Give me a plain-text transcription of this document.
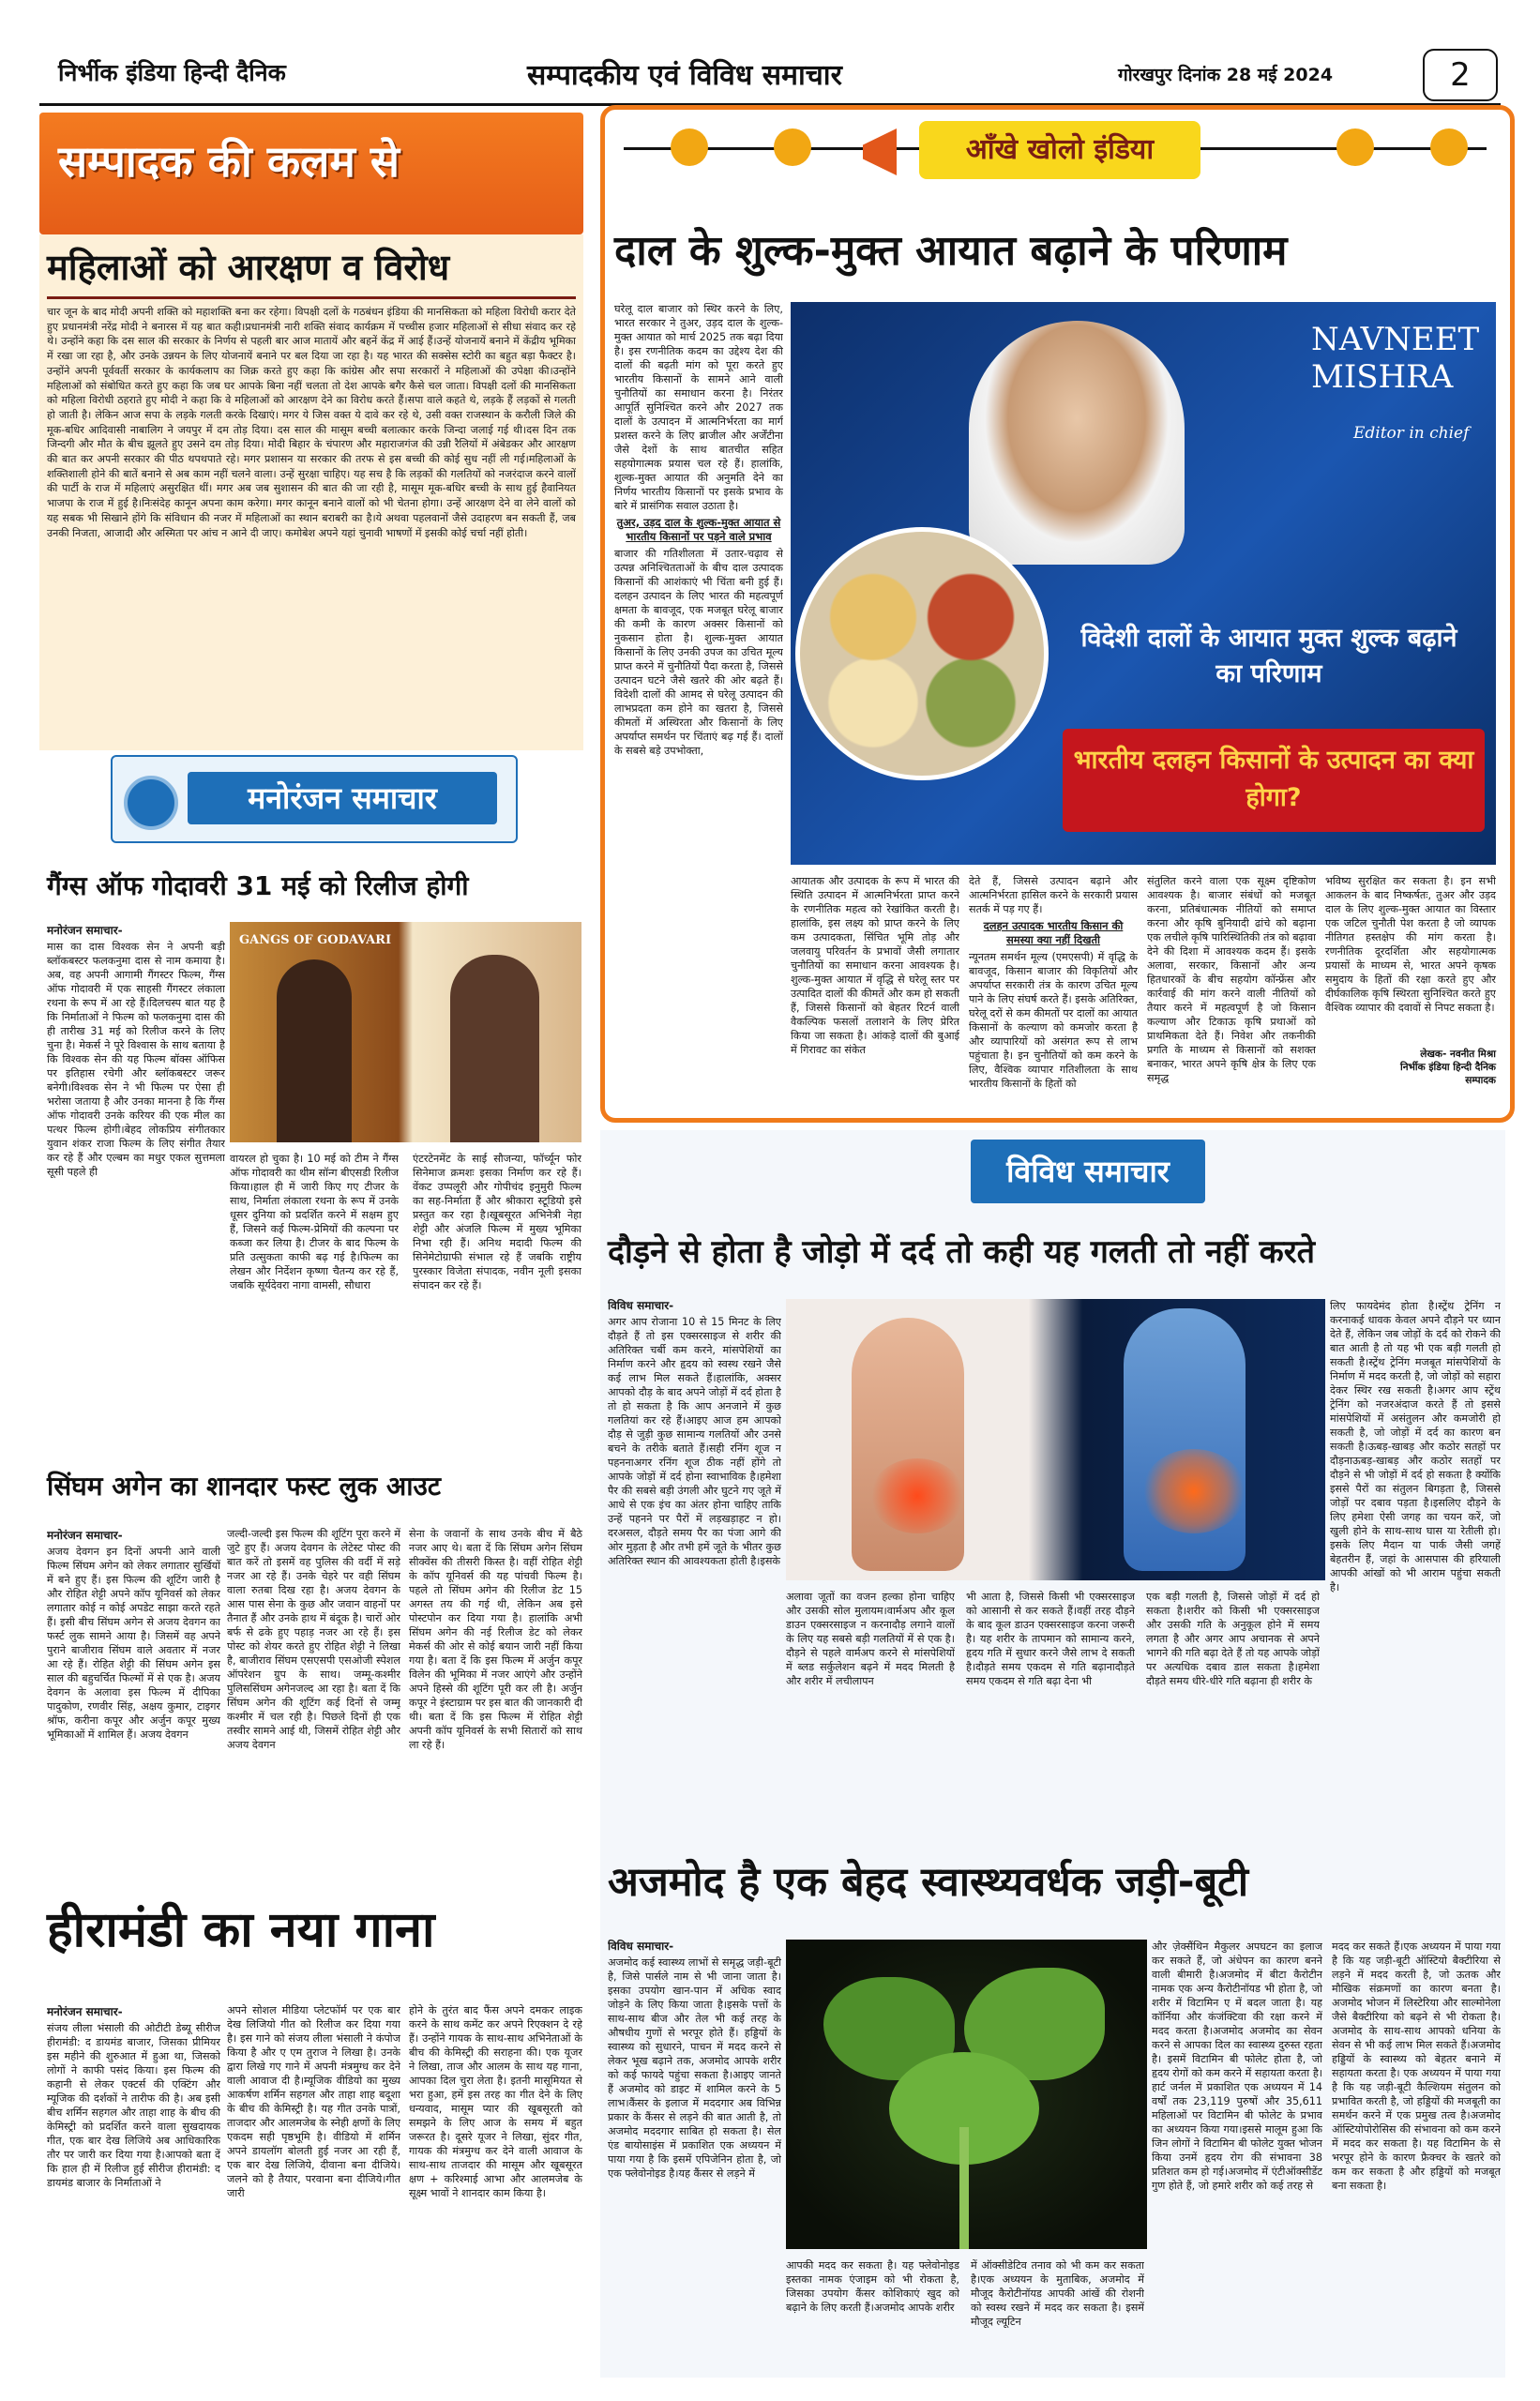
निर्भीक इंडिया हिन्दी दैनिक	सम्पादकीय एवं विविध समाचार	गोरखपुर दिनांक 28 मई 2024	2
सम्पादक की कलम से
महिलाओं को आरक्षण व विरोध
चार जून के बाद मोदी अपनी शक्ति को महाशक्ति बना कर रहेगा। विपक्षी दलों के गठबंधन इंडिया की मानसिकता को महिला विरोधी करार देते हुए प्रधानमंत्री नरेंद्र मोदी ने बनारस में यह बात कही।प्रधानमंत्री नारी शक्ति संवाद कार्यक्रम में पच्चीस हजार महिलाओं से सीधा संवाद कर रहे थे। उन्होंने कहा कि दस साल की सरकार के निर्णय से पहली बार आज मातायें और बहनें केंद्र में आई हैं।उन्हें योजनायें बनाने में केंद्रीय भूमिका में रखा जा रहा है, और उनके उन्नयन के लिए योजनायें बनाने पर बल दिया जा रहा है। यह भारत की सक्सेस स्टोरी का बहुत बड़ा फैक्टर है। उन्होंने अपनी पूर्ववर्ती सरकार के कार्यकलाप का जिक्र करते हुए कहा कि कांग्रेस और सपा सरकारों ने महिलाओं की उपेक्षा की।उन्होंने महिलाओं को संबोधित करते हुए कहा कि जब घर आपके बिना नहीं चलता तो देश आपके बगैर कैसे चल जाता। विपक्षी दलों की मानसिकता को महिला विरोधी ठहराते हुए मोदी ने कहा कि वे महिलाओं को आरक्षण देने का विरोध करते हैं।सपा वाले कहते थे, लड़के हैं लड़कों से गलती हो जाती है। लेकिन आज सपा के लड़के गलती करके दिखाएं। मगर ये जिस वक्त ये दावे कर रहे थे, उसी वक्त राजस्थान के करौली जिले की मूक-बधिर आदिवासी नाबालिग ने जयपुर में दम तोड़ दिया। दस साल की मासूम बच्ची बलात्कार करके जिन्दा जलाई गई थी।दस दिन तक जिन्दगी और मौत के बीच झूलते हुए उसने दम तोड़ दिया। मोदी बिहार के चंपारण और महाराजगंज की उन्नी रैलियों में अंबेडकर और आरक्षण की बात कर अपनी सरकार की पीठ थपथपाते रहे। मगर प्रशासन या सरकार की तरफ से इस बच्ची की कोई सुध नहीं ली गई।महिलाओं के शक्तिशाली होने की बातें बनाने से अब काम नहीं चलने वाला। उन्हें सुरक्षा चाहिए। यह सच है कि लड़कों की गलतियों को नजरंदाज करने वालों की पार्टी के राज में महिलाएं असुरक्षित थीं। मगर अब जब सुशासन की बात की जा रही है, मासूम मूक-बधिर बच्ची के साथ हुई हैवानियत भाजपा के राज में हुई है।निःसंदेह कानून अपना काम करेगा। मगर कानून बनाने वालों को भी चेतना होगा। उन्हें आरक्षण देने वा लेने वालों को यह सबक भी सिखाने होंगे कि संविधान की नजर में महिलाओं का स्थान बराबरी का है।ये अथवा पहलवानों जैसे उदाहरण बन सकती हैं, जब उनकी निजता, आजादी और अस्मिता पर आंच न आने दी जाए। कमोबेश अपने यहां चुनावी भाषणों में इसकी कोई चर्चा नहीं होती।
मनोरंजन समाचार
गैंग्स ऑफ गोदावरी 31 मई को रिलीज होगी
मनोरंजन समाचार-
मास का दास विश्वक सेन ने अपनी बड़ी ब्लॉकबस्टर फलकनुमा दास से नाम कमाया है। अब, वह अपनी आगामी गैंगस्टर फिल्म, गैंग्स ऑफ गोदावरी में एक साहसी गैंगस्टर लंकाला रथना के रूप में आ रहे हैं।दिलचस्प बात यह है कि निर्माताओं ने फिल्म को फलकनुमा दास की ही तारीख 31 मई को रिलीज करने के लिए चुना है। मेकर्स ने पूरे विश्वास के साथ बताया है कि विश्वक सेन की यह फिल्म बॉक्स ऑफिस पर इतिहास रचेगी और ब्लॉकबस्टर जरूर बनेगी।विश्वक सेन ने भी फिल्म पर ऐसा ही भरोसा जताया है और उनका मानना है कि गैंग्स ऑफ गोदावरी उनके करियर की एक मील का पत्थर फिल्म होगी।बेहद लोकप्रिय संगीतकार युवान शंकर राजा फिल्म के लिए संगीत तैयार कर रहे हैं और एल्बम का मधुर एकल सुत्तमला सूसी पहले ही
GANGS OF GODAVARI
वायरल हो चुका है। 10 मई को टीम ने गैंग्स ऑफ गोदावरी का थीम सॉन्ग बीएसडी रिलीज किया।हाल ही में जारी किए गए टीजर के साथ, निर्माता लंकाला रथना के रूप में उनके धूसर दुनिया को प्रदर्शित करने में सक्षम हुए हैं, जिसने कई फिल्म-प्रेमियों की कल्पना पर कब्जा कर लिया है। टीजर के बाद फिल्म के प्रति उत्सुकता काफी बढ़ गई है।फिल्म का लेखन और निर्देशन कृष्णा चैतन्य कर रहे हैं, जबकि सूर्यदेवरा नागा वामसी, सौधारा
एंटरटेनमेंट के साई सौजन्या, फॉर्च्यून फोर सिनेमाज क्रमशः इसका निर्माण कर रहे हैं। वेंकट उप्पलूरी और गोपीचंद इनुमुरी फिल्म का सह-निर्माता हैं और श्रीकारा स्टूडियो इसे प्रस्तुत कर रहा है।खूबसूरत अभिनेत्री नेहा शेट्टी और अंजलि फिल्म में मुख्य भूमिका निभा रही हैं। अनिथ मदादी फिल्म की सिनेमेटोग्राफी संभाल रहे हैं जबकि राष्ट्रीय पुरस्कार विजेता संपादक, नवीन नूली इसका संपादन कर रहे हैं।
सिंघम अगेन का शानदार फस्ट लुक आउट
मनोरंजन समाचार-
अजय देवगन इन दिनों अपनी आने वाली फिल्म सिंघम अगेन को लेकर लगातार सुर्खियों में बने हुए हैं। इस फिल्म की शूटिंग जारी है और रोहित शेट्टी अपने कॉप यूनिवर्स को लेकर लगातार कोई न कोई अपडेट साझा करते रहते हैं। इसी बीच सिंघम अगेन से अजय देवगन का फर्स्ट लुक सामने आया है। जिसमें वह अपने पुराने बाजीराव सिंघम वाले अवतार में नजर आ रहे हैं। रोहित शेट्टी की सिंघम अगेन इस साल की बहुचर्चित फिल्मों में से एक है। अजय देवगन के अलावा इस फिल्म में दीपिका पादुकोण, रणवीर सिंह, अक्षय कुमार, टाइगर श्रॉफ, करीना कपूर और अर्जुन कपूर मुख्य भूमिकाओं में शामिल हैं। अजय देवगन
जल्दी-जल्दी इस फिल्म की शूटिंग पूरा करने में जुटे हुए हैं। अजय देवगन के लेटेस्ट पोस्ट की बात करें तो इसमें वह पुलिस की वर्दी में सड़े नजर आ रहे हैं। उनके चेहरे पर वही सिंघम वाला रुतबा दिख रहा है। अजय देवगन के आस पास सेना के कुछ और जवान वाहनों पर तैनात हैं और उनके हाथ में बंदूक है। चारों ओर बर्फ से ढके हुए पहाड़ नजर आ रहे हैं। इस पोस्ट को शेयर करते हुए रोहित शेट्टी ने लिखा है, बाजीराव सिंघम एसएसपी एसओजी स्पेशल ऑपरेशन ग्रुप के साथ। जम्मू-कश्मीर पुलिससिंघम अगेनजल्द आ रहा है। बता दें कि सिंघम अगेन की शूटिंग कई दिनों से जम्मू कश्मीर में चल रही है। पिछले दिनों ही एक तस्वीर सामने आई थी, जिसमें रोहित शेट्टी और अजय देवगन
सेना के जवानों के साथ उनके बीच में बैठे नजर आए थे। बता दें कि सिंघम अगेन सिंघम सीक्वेंस की तीसरी किस्त है। वहीं रोहित शेट्टी के कॉप यूनिवर्स की यह पांचवी फिल्म है। पहले तो सिंघम अगेन की रिलीज डेट 15 अगस्त तय की गई थी, लेकिन अब इसे पोस्टपोन कर दिया गया है। हालांकि अभी सिंघम अगेन की नई रिलीज डेट को लेकर मेकर्स की ओर से कोई बयान जारी नहीं किया गया है। बता दें कि इस फिल्म में अर्जुन कपूर विलेन की भूमिका में नजर आएंगे और उन्होंने अपने हिस्से की शूटिंग पूरी कर ली है। अर्जुन कपूर ने इंस्टाग्राम पर इस बात की जानकारी दी थी। बता दें कि इस फिल्म में रोहित शेट्टी अपनी कॉप यूनिवर्स के सभी सितारों को साथ ला रहे हैं।
हीरामंडी का नया गाना
मनोरंजन समाचार-
संजय लीला भंसाली की ओटीटी डेब्यू सीरीज हीरामंडी: द डायमंड बाजार, जिसका प्रीमियर इस महीने की शुरुआत में हुआ था, जिसको लोगों ने काफी पसंद किया। इस फिल्म की कहानी से लेकर एक्टर्स की एक्टिंग और म्यूजिक की दर्शकों ने तारीफ की है। अब इसी बीच शर्मिन सहगल और ताहा शाह के बीच की केमिस्ट्री को प्रदर्शित करने वाला सुखदायक गीत, एक बार देख लिजिये अब आधिकारिक तौर पर जारी कर दिया गया है।आपको बता दें कि हाल ही में रिलीज हुई सीरीज हीरामंडी: द डायमंड बाजार के निर्माताओं ने
अपने सोशल मीडिया प्लेटफॉर्म पर एक बार देख लिजियो गीत को रिलीज कर दिया गया है। इस गाने को संजय लीला भंसाली ने कंपोज किया है और ए एम तुराज ने लिखा है। उनके द्वारा लिखे गए गाने में अपनी मंत्रमुग्ध कर देने वाली आवाज दी है।म्यूजिक वीडियो का मुख्य आकर्षण शर्मिन सहगल और ताहा शाह बदूशा के बीच की केमिस्ट्री है। यह गीत उनके पात्रों, ताजदार और आलमजेब के स्नेही क्षणों के लिए एकदम सही पृष्ठभूमि है। वीडियो में शर्मिन अपने डायलॉग बोलती हुई नजर आ रही हैं, एक बार देख लिजिये, दीवाना बना दीजिये। जलने को है तैयार, परवाना बना दीजिये।गीत जारी
होने के तुरंत बाद फैंस अपने दमकर लाइक करने के साथ कमेंट कर अपने रिएक्शन दे रहे हैं। उन्होंने गायक के साथ-साथ अभिनेताओं के बीच की केमिस्ट्री की सराहना की। एक यूजर ने लिखा, ताज और आलम के साथ यह गाना, आपका दिल चुरा लेता है। इतनी मासूमियत से भरा हुआ, हमें इस तरह का गीत देने के लिए धन्यवाद, मासूम प्यार की खूबसूरती को समझने के लिए आज के समय में बहुत जरूरत है। दूसरे यूजर ने लिखा, सुंदर गीत, गायक की मंत्रमुग्ध कर देने वाली आवाज के साथ-साथ ताजदार की मासूम और खूबसूरत क्षण + करिश्माई आभा और आलमजेब के सूक्ष्म भावों ने शानदार काम किया है।
आँखे खोलो इंडिया
दाल के शुल्क-मुक्त आयात बढ़ाने के परिणाम
घरेलू दाल बाजार को स्थिर करने के लिए, भारत सरकार ने तुअर, उड़द दाल के शुल्क-मुक्त आयात को मार्च 2025 तक बढ़ा दिया है। इस रणनीतिक कदम का उद्देश्य देश की दालों की बढ़ती मांग को पूरा करते हुए भारतीय किसानों के सामने आने वाली चुनौतियों का समाधान करना है। निरंतर आपूर्ति सुनिश्चित करने और 2027 तक दालों के उत्पादन में आत्मनिर्भरता का मार्ग प्रशस्त करने के लिए ब्राजील और अर्जेंटीना जैसे देशों के साथ बातचीत सहित सहयोगात्मक प्रयास चल रहे हैं। हालांकि, शुल्क-मुक्त आयात की अनुमति देने का निर्णय भारतीय किसानों पर इसके प्रभाव के बारे में प्रासंगिक सवाल उठाता है।
तुअर, उड़द दाल के शुल्क-मुक्त आयात से भारतीय किसानों पर पड़ने वाले प्रभाव
बाजार की गतिशीलता में उतार-चढ़ाव से उत्पन्न अनिश्चितताओं के बीच दाल उत्पादक किसानों की आशंकाएं भी चिंता बनी हुई हैं। दलहन उत्पादन के लिए भारत की महत्वपूर्ण क्षमता के बावजूद, एक मजबूत घरेलू बाजार की कमी के कारण अक्सर किसानों को नुकसान होता है। शुल्क-मुक्त आयात किसानों के लिए उनकी उपज का उचित मूल्य प्राप्त करने में चुनौतियों पैदा करता है, जिससे उत्पादन घटने जैसे खतरे की ओर बढ़ते हैं। विदेशी दालों की आमद से घरेलू उत्पादन की लाभप्रदता कम होने का खतरा है, जिससे कीमतों में अस्थिरता और किसानों के लिए अपर्याप्त समर्थन पर चिंताएं बढ़ गई हैं। दालों के सबसे बड़े उपभोक्ता,
NAVNEET
MISHRA
Editor in chief
विदेशी दालों के आयात मुक्त शुल्क बढ़ाने का परिणाम
भारतीय दलहन किसानों के उत्पादन का क्या होगा?
आयातक और उत्पादक के रूप में भारत की स्थिति उत्पादन में आत्मनिर्भरता प्राप्त करने के रणनीतिक महत्व को रेखांकित करती है। हालांकि, इस लक्ष्य को प्राप्त करने के लिए कम उत्पादकता, सिंचित भूमि तोड़ और जलवायु परिवर्तन के प्रभावों जैसी लगातार चुनौतियों का समाधान करना आवश्यक है। शुल्क-मुक्त आयात में वृद्धि से घरेलू स्तर पर उत्पादित दालों की कीमतें और कम हो सकती हैं, जिससे किसानों को बेहतर रिटर्न वाली वैकल्पिक फसलों तलाशने के लिए प्रेरित किया जा सकता है। आंकड़े दालों की बुआई में गिरावट का संकेत
देते हैं, जिससे उत्पादन बढ़ाने और आत्मनिर्भरता हासिल करने के सरकारी प्रयास सतर्क में पड़ गए हैं।
दलहन उत्पादक भारतीय किसान की समस्या क्या नहीं दिखती
न्यूनतम समर्थन मूल्य (एमएसपी) में वृद्धि के बावजूद, किसान बाजार की विकृतियों और अपर्याप्त सरकारी तंत्र के कारण उचित मूल्य पाने के लिए संघर्ष करते हैं। इसके अतिरिक्त, घरेलू दरों से कम कीमतों पर दालों का आयात किसानों के कल्याण को कमजोर करता है और व्यापारियों को असंगत रूप से लाभ पहुंचाता है। इन चुनौतियों को कम करने के लिए, वैश्विक व्यापार गतिशीलता के साथ भारतीय किसानों के हितों को
संतुलित करने वाला एक सूक्ष्म दृष्टिकोण आवश्यक है। बाजार संबंधों को मजबूत करना, प्रतिबंधात्मक नीतियों को समाप्त करना और कृषि बुनियादी ढांचे को बढ़ाना एक लचीले कृषि पारिस्थितिकी तंत्र को बढ़ावा देने की दिशा में आवश्यक कदम हैं। इसके अलावा, सरकार, किसानों और अन्य हितधारकों के बीच सहयोग कॉन्फ्रेंस और कार्रवाई की मांग करने वाली नीतियों को तैयार करने में महत्वपूर्ण है जो किसान कल्याण और टिकाऊ कृषि प्रथाओं को प्राथमिकता देते हैं। निवेश और तकनीकी प्रगति के माध्यम से किसानों को सशक्त बनाकर, भारत अपने कृषि क्षेत्र के लिए एक समृद्ध
भविष्य सुरक्षित कर सकता है। इन सभी आकलन के बाद निष्कर्षतः, तुअर और उड़द दाल के लिए शुल्क-मुक्त आयात का विस्तार एक जटिल चुनौती पेश करता है जो व्यापक नीतिगत हस्तक्षेप की मांग करता है। रणनीतिक दूरदर्शिता और सहयोगात्मक प्रयासों के माध्यम से, भारत अपने कृषक समुदाय के हितों की रक्षा करते हुए और दीर्घकालिक कृषि स्थिरता सुनिश्चित करते हुए वैश्विक व्यापार की दवावों से निपट सकता है।
लेखक- नवनीत मिश्रा
निर्भीक इंडिया हिन्दी दैनिक
सम्पादक
विविध समाचार
दौड़ने से होता है जोड़ो में दर्द तो कही यह गलती तो नहीं करते
विविध समाचार-
अगर आप रोजाना 10 से 15 मिनट के लिए दौड़ते हैं तो इस एक्सरसाइज से शरीर की अतिरिक्त चर्बी कम करने, मांसपेशियों का निर्माण करने और हृदय को स्वस्थ रखने जैसे कई लाभ मिल सकते हैं।हालांकि, अक्सर आपको दौड़ के बाद अपने जोड़ों में दर्द होता है तो हो सकता है कि आप अनजाने में कुछ गलतियां कर रहे हैं।आइए आज हम आपको दौड़ से जुड़ी कुछ सामान्य गलतियों और उनसे बचने के तरीके बताते हैं।सही रनिंग शूज न पहननाअगर रनिंग शूज ठीक नहीं होंगे तो आपके जोड़ों में दर्द होना स्वाभाविक है।हमेशा पैर की सबसे बड़ी उंगली और घुटने गए जूते में आधे से एक इंच का अंतर होना चाहिए ताकि उन्हें पहनने पर पैरों में लड़खड़ाहट न हो।दरअसल, दौड़ते समय पैर का पंजा आगे की ओर मुड़ता है और तभी हमें जूते के भीतर कुछ अतिरिक्त स्थान की आवश्यकता होती है।इसके
अलावा जूतों का वजन हल्का होना चाहिए और उसकी सोल मुलायम।वार्मअप और कूल डाउन एक्सरसाइज न करनादौड़ लगाने वालों के लिए यह सबसे बड़ी गलतियों में से एक है।दौड़ने से पहले वार्मअप करने से मांसपेशियों में ब्लड सर्कुलेशन बढ़ने में मदद मिलती है और शरीर में लचीलापन
भी आता है, जिससे किसी भी एक्सरसाइज को आसानी से कर सकते हैं।वहीं तरह दौड़ने के बाद कूल डाउन एक्सरसाइज करना जरूरी है। यह शरीर के तापमान को सामान्य करने, हृदय गति में सुधार करने जैसे लाभ दे सकती है।दौड़ते समय एकदम से गति बढ़ानादौड़ते समय एकदम से गति बढ़ा देना भी
एक बड़ी गलती है, जिससे जोड़ों में दर्द हो सकता है।शरीर को किसी भी एक्सरसाइज और उसकी गति के अनुकूल होने में समय लगता है और अगर आप अचानक से अपने भागने की गति बढ़ा देते हैं तो यह आपके जोड़ों पर अत्यधिक दबाव डाल सकता है।हमेशा दौड़ते समय धीरे-धीरे गति बढ़ाना ही शरीर के
लिए फायदेमंद होता है।स्ट्रेंथ ट्रेनिंग न करनाकई धावक केवल अपने दौड़ने पर ध्यान देते हैं, लेकिन जब जोड़ों के दर्द को रोकने की बात आती है तो यह भी एक बड़ी गलती हो सकती है।स्ट्रेंथ ट्रेनिंग मजबूत मांसपेशियों के निर्माण में मदद करती है, जो जोड़ों को सहारा देकर स्थिर रख सकती है।अगर आप स्ट्रेंथ ट्रेनिंग को नजरअंदाज करते हैं तो इससे मांसपेशियों में असंतुलन और कमजोरी हो सकती है, जो जोड़ों में दर्द का कारण बन सकती है।ऊबड़-खाबड़ और कठोर सतहों पर दौड़नाऊबड़-खाबड़ और कठोर सतहों पर दौड़ने से भी जोड़ों में दर्द हो सकता है क्योंकि इससे पैरों का संतुलन बिगड़ता है, जिससे जोड़ों पर दबाव पड़ता है।इसलिए दौड़ने के लिए हमेशा ऐसी जगह का चयन करें, जो खुली होने के साथ-साथ घास या रेतीली हो।इसके लिए मैदान या पार्क जैसी जगहें बेहतरीन हैं, जहां के आसपास की हरियाली आपकी आंखों को भी आराम पहुंचा सकती है।
अजमोद है एक बेहद स्वास्थ्यवर्धक जड़ी-बूटी
विविध समाचार-
अजमोद कई स्वास्थ्य लाभों से समृद्ध जड़ी-बूटी है, जिसे पार्सले नाम से भी जाना जाता है। इसका उपयोग खान-पान में अधिक स्वाद जोड़ने के लिए किया जाता है।इसके पत्तों के साथ-साथ बीज और तेल भी कई तरह के औषधीय गुणों से भरपूर होते हैं। हड्डियों के स्वास्थ्य को सुधारने, पाचन में मदद करने से लेकर भूख बढ़ाने तक, अजमोद आपके शरीर को कई फायदे पहुंचा सकता है।आइए जानते हैं अजमोद को डाइट में शामिल करने के 5 लाभ।कैंसर के इलाज में मददगार अब विभिन्न प्रकार के कैंसर से लड़ने की बात आती है, तो अजमोद मददगार साबित हो सकता है। सेल एंड बायोसाइंस में प्रकाशित एक अध्ययन में पाया गया है कि इसमें एपिजेनिन होता है, जो एक फ्लेवोनोइड है।यह कैंसर से लड़ने में
आपकी मदद कर सकता है। यह फ्लेवोनोइड इस्तका नामक एंजाइम को भी रोकता है, जिसका उपयोग कैंसर कोशिकाएं खुद को बढ़ाने के लिए करती हैं।अजमोद आपके शरीर
में ऑक्सीडेटिव तनाव को भी कम कर सकता है।एक अध्ययन के मुताबिक, अजमोद में मौजूद कैरोटीनॉयड आपकी आंखें की रोशनी को स्वस्थ रखने में मदद कर सकता है। इसमें मौजूद ल्यूटिन
और ज़ेक्सैंथिन मैकुलर अपघटन का इलाज कर सकते हैं, जो अंधेपन का कारण बनने वाली बीमारी है।अजमोद में बीटा कैरोटीन नामक एक अन्य कैरोटीनॉयड भी होता है, जो शरीर में विटामिन ए में बदल जाता है। यह कॉर्निया और कंजंक्टिवा की रक्षा करने में मदद करता है।अजमोद अजमोद का सेवन करने से आपका दिल का स्वास्थ्य दुरुस्त रहता है। इसमें विटामिन बी फोलेट होता है, जो हृदय रोगों को कम करने में सहायता करता है।हार्ट जर्नल में प्रकाशित एक अध्ययन में 14 वर्षों तक 23,119 पुरुषों और 35,611 महिलाओं पर विटामिन बी फोलेट के प्रभाव का अध्ययन किया गया।इससे मालूम हुआ कि जिन लोगों ने विटामिन बी फोलेट युक्त भोजन किया उनमें हृदय रोग की संभावना 38 प्रतिशत कम हो गई।अजमोद में एंटीऑक्सीडेंट गुण होते हैं, जो हमारे शरीर को कई तरह से
मदद कर सकते हैं।एक अध्ययन में पाया गया है कि यह जड़ी-बूटी ऑस्टियो बैक्टीरिया से लड़ने में मदद करती है, जो ऊतक और मौखिक संक्रमणों का कारण बनता है।अजमोद भोजन में लिस्टेरिया और साल्मोनेला जैसे बैक्टीरिया को बढ़ने से भी रोकता है। अजमोद के साथ-साथ आपको धनिया के सेवन से भी कई लाभ मिल सकते हैं।अजमोद हड्डियों के स्वास्थ्य को बेहतर बनाने में सहायता करता है। एक अध्ययन में पाया गया है कि यह जड़ी-बूटी कैल्शियम संतुलन को प्रभावित करती है, जो हड्डियों की मजबूती का समर्थन करने में एक प्रमुख तत्व है।अजमोद ऑस्टियोपोरोसिस की संभावना को कम करने में मदद कर सकता है। यह विटामिन के से भरपूर होने के कारण फ्रैक्चर के खतरे को कम कर सकता है और हड्डियों को मजबूत बना सकता है।
